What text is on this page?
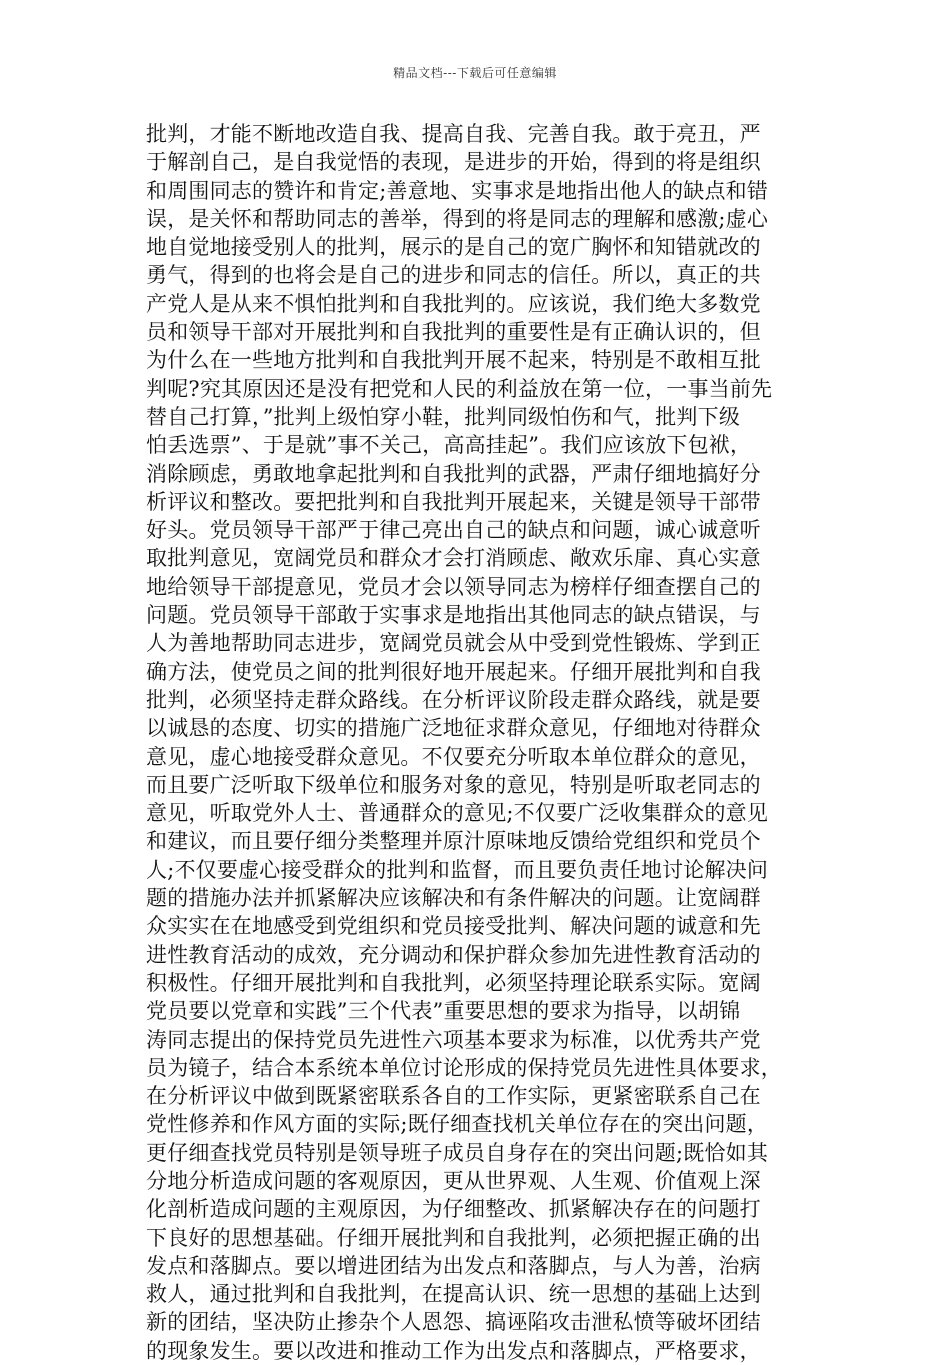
精品文档---下载后可任意编辑

批判，才能不断地改造自我、提高自我、完善自我。敢于亮丑，严

于解剖自己，是自我觉悟的表现，是进步的开始，得到的将是组织

和周围同志的赞许和肯定;善意地、实事求是地指出他人的缺点和错

误，是关怀和帮助同志的善举，得到的将是同志的理解和感激;虚心

地自觉地接受别人的批判，展示的是自己的宽广胸怀和知错就改的

勇气，得到的也将会是自己的进步和同志的信任。所以，真正的共

产党人是从来不惧怕批判和自我批判的。应该说，我们绝大多数党

员和领导干部对开展批判和自我批判的重要性是有正确认识的，但

为什么在一些地方批判和自我批判开展不起来，特别是不敢相互批

判呢?究其原因还是没有把党和人民的利益放在第一位，一事当前先

替自己打算，”批判上级怕穿小鞋，批判同级怕伤和气，批判下级

怕丢选票”、于是就”事不关己，高高挂起”。我们应该放下包袱，

消除顾虑，勇敢地拿起批判和自我批判的武器，严肃仔细地搞好分

析评议和整改。要把批判和自我批判开展起来，关键是领导干部带

好头。党员领导干部严于律己亮出自己的缺点和问题，诚心诚意听

取批判意见，宽阔党员和群众才会打消顾虑、敞欢乐扉、真心实意

地给领导干部提意见，党员才会以领导同志为榜样仔细查摆自己的

问题。党员领导干部敢于实事求是地指出其他同志的缺点错误，与

人为善地帮助同志进步，宽阔党员就会从中受到党性锻炼、学到正

确方法，使党员之间的批判很好地开展起来。仔细开展批判和自我

批判，必须坚持走群众路线。在分析评议阶段走群众路线，就是要

以诚恳的态度、切实的措施广泛地征求群众意见，仔细地对待群众

意见，虚心地接受群众意见。不仅要充分听取本单位群众的意见，

而且要广泛听取下级单位和服务对象的意见，特别是听取老同志的

意见，听取党外人士、普通群众的意见;不仅要广泛收集群众的意见

和建议，而且要仔细分类整理并原汁原味地反馈给党组织和党员个

人;不仅要虚心接受群众的批判和监督，而且要负责任地讨论解决问

题的措施办法并抓紧解决应该解决和有条件解决的问题。让宽阔群

众实实在在地感受到党组织和党员接受批判、解决问题的诚意和先

进性教育活动的成效，充分调动和保护群众参加先进性教育活动的

积极性。仔细开展批判和自我批判，必须坚持理论联系实际。宽阔

党员要以党章和实践”三个代表”重要思想的要求为指导，以胡锦

涛同志提出的保持党员先进性六项基本要求为标准，以优秀共产党

员为镜子，结合本系统本单位讨论形成的保持党员先进性具体要求，

在分析评议中做到既紧密联系各自的工作实际，更紧密联系自己在

党性修养和作风方面的实际;既仔细查找机关单位存在的突出问题，

更仔细查找党员特别是领导班子成员自身存在的突出问题;既恰如其

分地分析造成问题的客观原因，更从世界观、人生观、价值观上深

化剖析造成问题的主观原因，为仔细整改、抓紧解决存在的问题打

下良好的思想基础。仔细开展批判和自我批判，必须把握正确的出

发点和落脚点。要以增进团结为出发点和落脚点，与人为善，治病

救人，通过批判和自我批判，在提高认识、统一思想的基础上达到

新的团结，坚决防止掺杂个人恩怨、搞诬陷攻击泄私愤等破坏团结

的现象发生。要以改进和推动工作为出发点和落脚点，严格要求，
